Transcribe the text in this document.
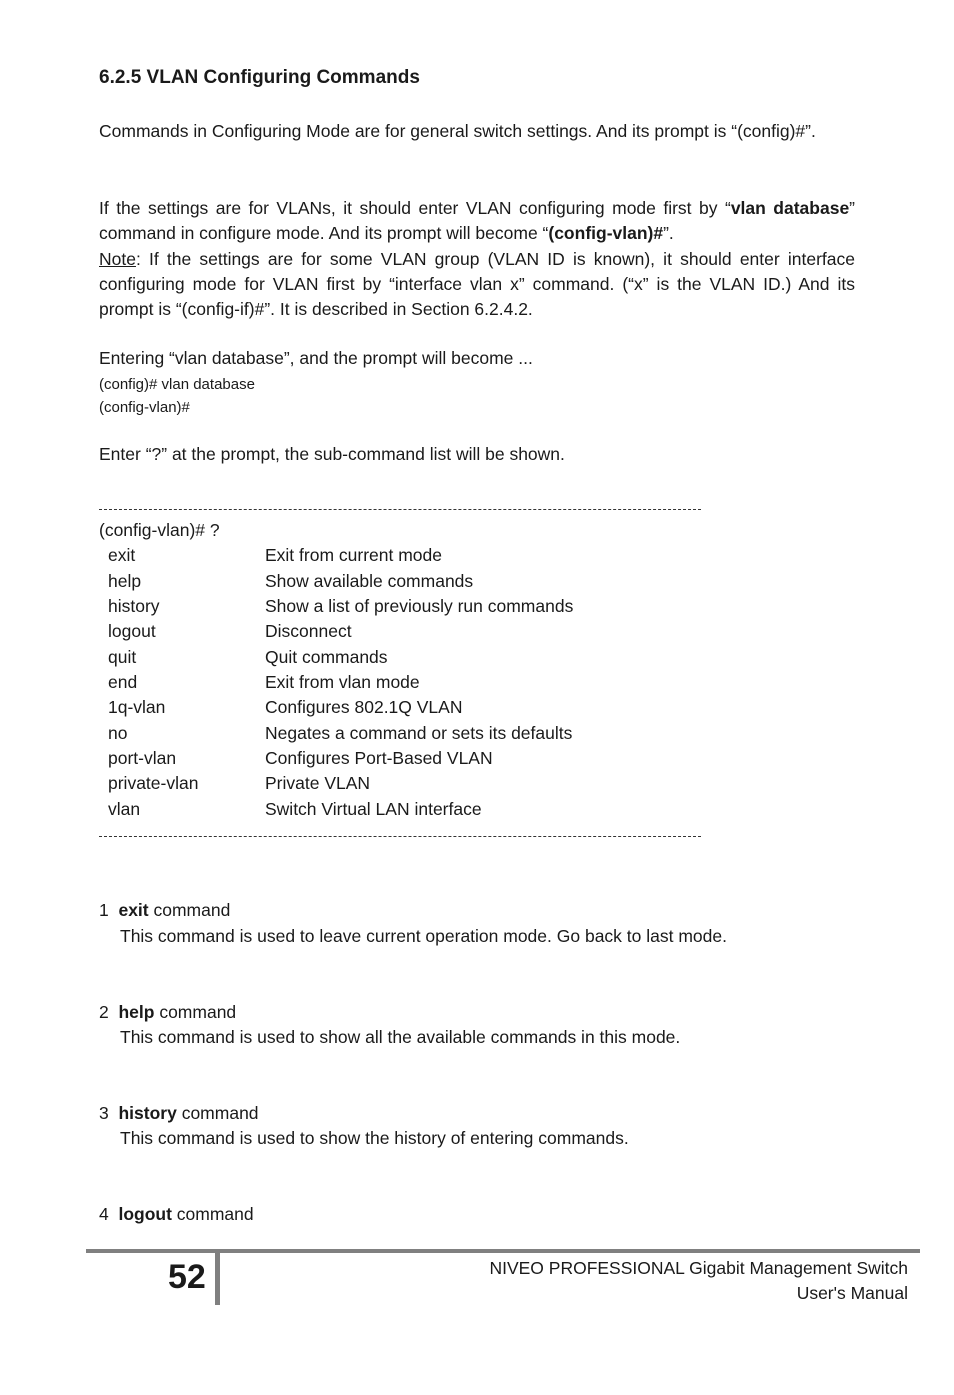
6.2.5 VLAN Configuring Commands
Commands in Configuring Mode are for general switch settings. And its prompt is “(config)#”.
If the settings are for VLANs, it should enter VLAN configuring mode first by “vlan database” command in configure mode. And its prompt will become “(config-vlan)#”.
Note: If the settings are for some VLAN group (VLAN ID is known), it should enter interface configuring mode for VLAN first by “interface vlan x” command. (“x” is the VLAN ID.) And its prompt is “(config-if)#”. It is described in Section 6.2.4.2.
Entering “vlan database”, and the prompt will become ...
(config)# vlan database
(config-vlan)#
Enter “?” at the prompt, the sub-command list will be shown.
(config-vlan)# ?
exit	Exit from current mode
help	Show available commands
history	Show a list of previously run commands
logout	Disconnect
quit	Quit commands
end	Exit from vlan mode
1q-vlan	Configures 802.1Q VLAN
no	Negates a command or sets its defaults
port-vlan	Configures Port-Based VLAN
private-vlan	Private VLAN
vlan	Switch Virtual LAN interface
1 exit command
This command is used to leave current operation mode. Go back to last mode.
2 help command
This command is used to show all the available commands in this mode.
3 history command
This command is used to show the history of entering commands.
4 logout command
52	NIVEO PROFESSIONAL Gigabit Management Switch
User's Manual
